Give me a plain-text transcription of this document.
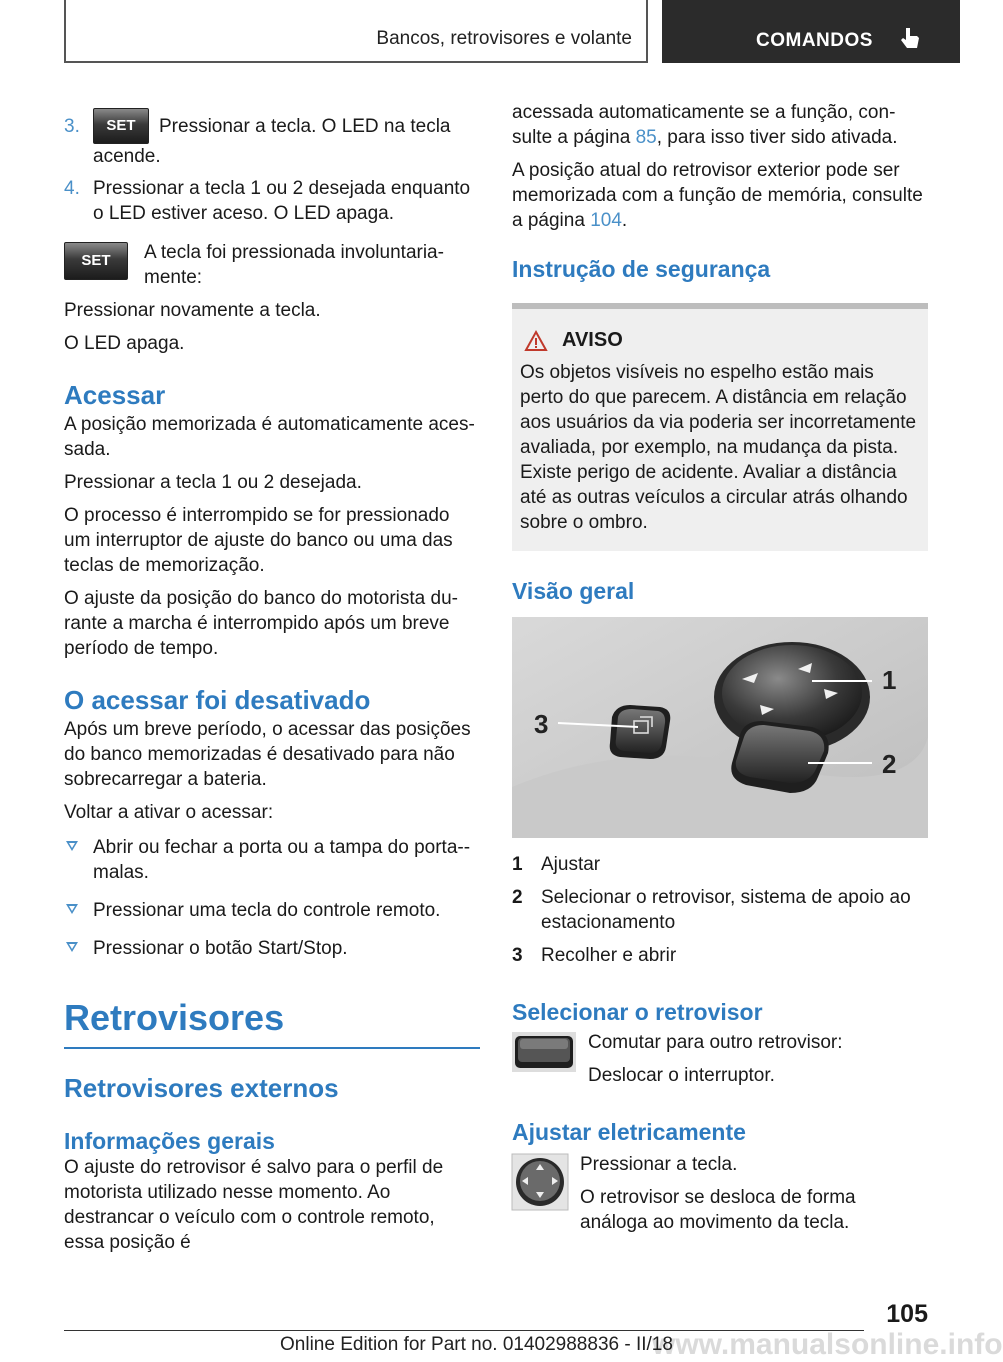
Bancos, retrovisores e volante	COMANDOS
3. SET Pressionar a tecla. O LED na tecla acende.
4. Pressionar a tecla 1 ou 2 desejada enquanto o LED estiver aceso. O LED apaga.
SET	A tecla foi pressionada involuntariamente:

Pressionar novamente a tecla.

O LED apaga.

Acessar

A posição memorizada é automaticamente acessada.

Pressionar a tecla 1 ou 2 desejada.

O processo é interrompido se for pressionado um interruptor de ajuste do banco ou uma das teclas de memorização.

O ajuste da posição do banco do motorista durante a marcha é interrompido após um breve período de tempo.

O acessar foi desativado

Após um breve período, o acessar das posições do banco memorizadas é desativado para não sobrecarregar a bateria.

Voltar a ativar o acessar:

Abrir ou fechar a porta ou a tampa do porta-malas.
Pressionar uma tecla do controle remoto.
Pressionar o botão Start/Stop.
Retrovisores
Retrovisores externos
Informações gerais

O ajuste do retrovisor é salvo para o perfil de motorista utilizado nesse momento. Ao destrancar o veículo com o controle remoto, essa posição é

acessada automaticamente se a função, consulte a página 85, para isso tiver sido ativada.

A posição atual do retrovisor exterior pode ser memorizada com a função de memória, consulte a página 104.

Instrução de segurança
AVISO

Os objetos visíveis no espelho estão mais perto do que parecem. A distância em relação aos usuários da via poderia ser incorretamente avaliada, por exemplo, na mudança da pista. Existe perigo de acidente. Avaliar a distância até as outras veículos a circular atrás olhando sobre o ombro.

Visão geral
1
2
3
1 Ajustar
2 Selecionar o retrovisor, sistema de apoio ao estacionamento
3 Recolher e abrir
Selecionar o retrovisor

Comutar para outro retrovisor:

Deslocar o interruptor.

Ajustar eletricamente

Pressionar a tecla.

O retrovisor se desloca de forma análoga ao movimento da tecla.

105
www.manualsonline.info
Online Edition for Part no. 01402988836 - II/18
